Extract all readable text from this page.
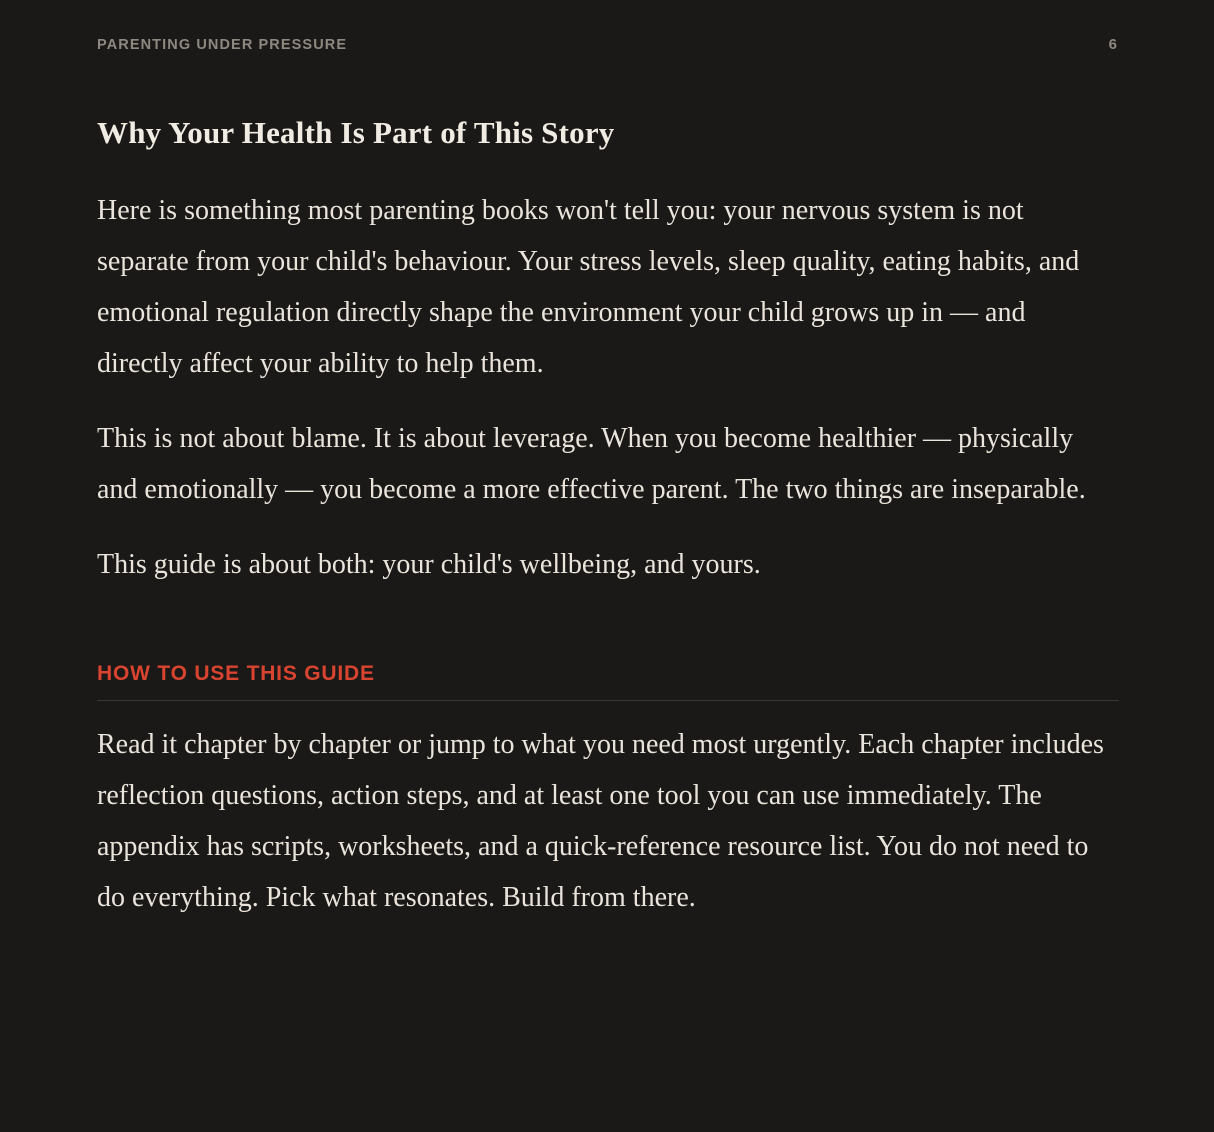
PARENTING UNDER PRESSURE	6
Why Your Health Is Part of This Story

Here is something most parenting books won't tell you: your nervous system is not separate from your child's behaviour. Your stress levels, sleep quality, eating habits, and emotional regulation directly shape the environment your child grows up in — and directly affect your ability to help them.

This is not about blame. It is about leverage. When you become healthier — physically and emotionally — you become a more effective parent. The two things are inseparable.

This guide is about both: your child's wellbeing, and yours.

HOW TO USE THIS GUIDE

Read it chapter by chapter or jump to what you need most urgently. Each chapter includes reflection questions, action steps, and at least one tool you can use immediately. The appendix has scripts, worksheets, and a quick-reference resource list. You do not need to do everything. Pick what resonates. Build from there.
